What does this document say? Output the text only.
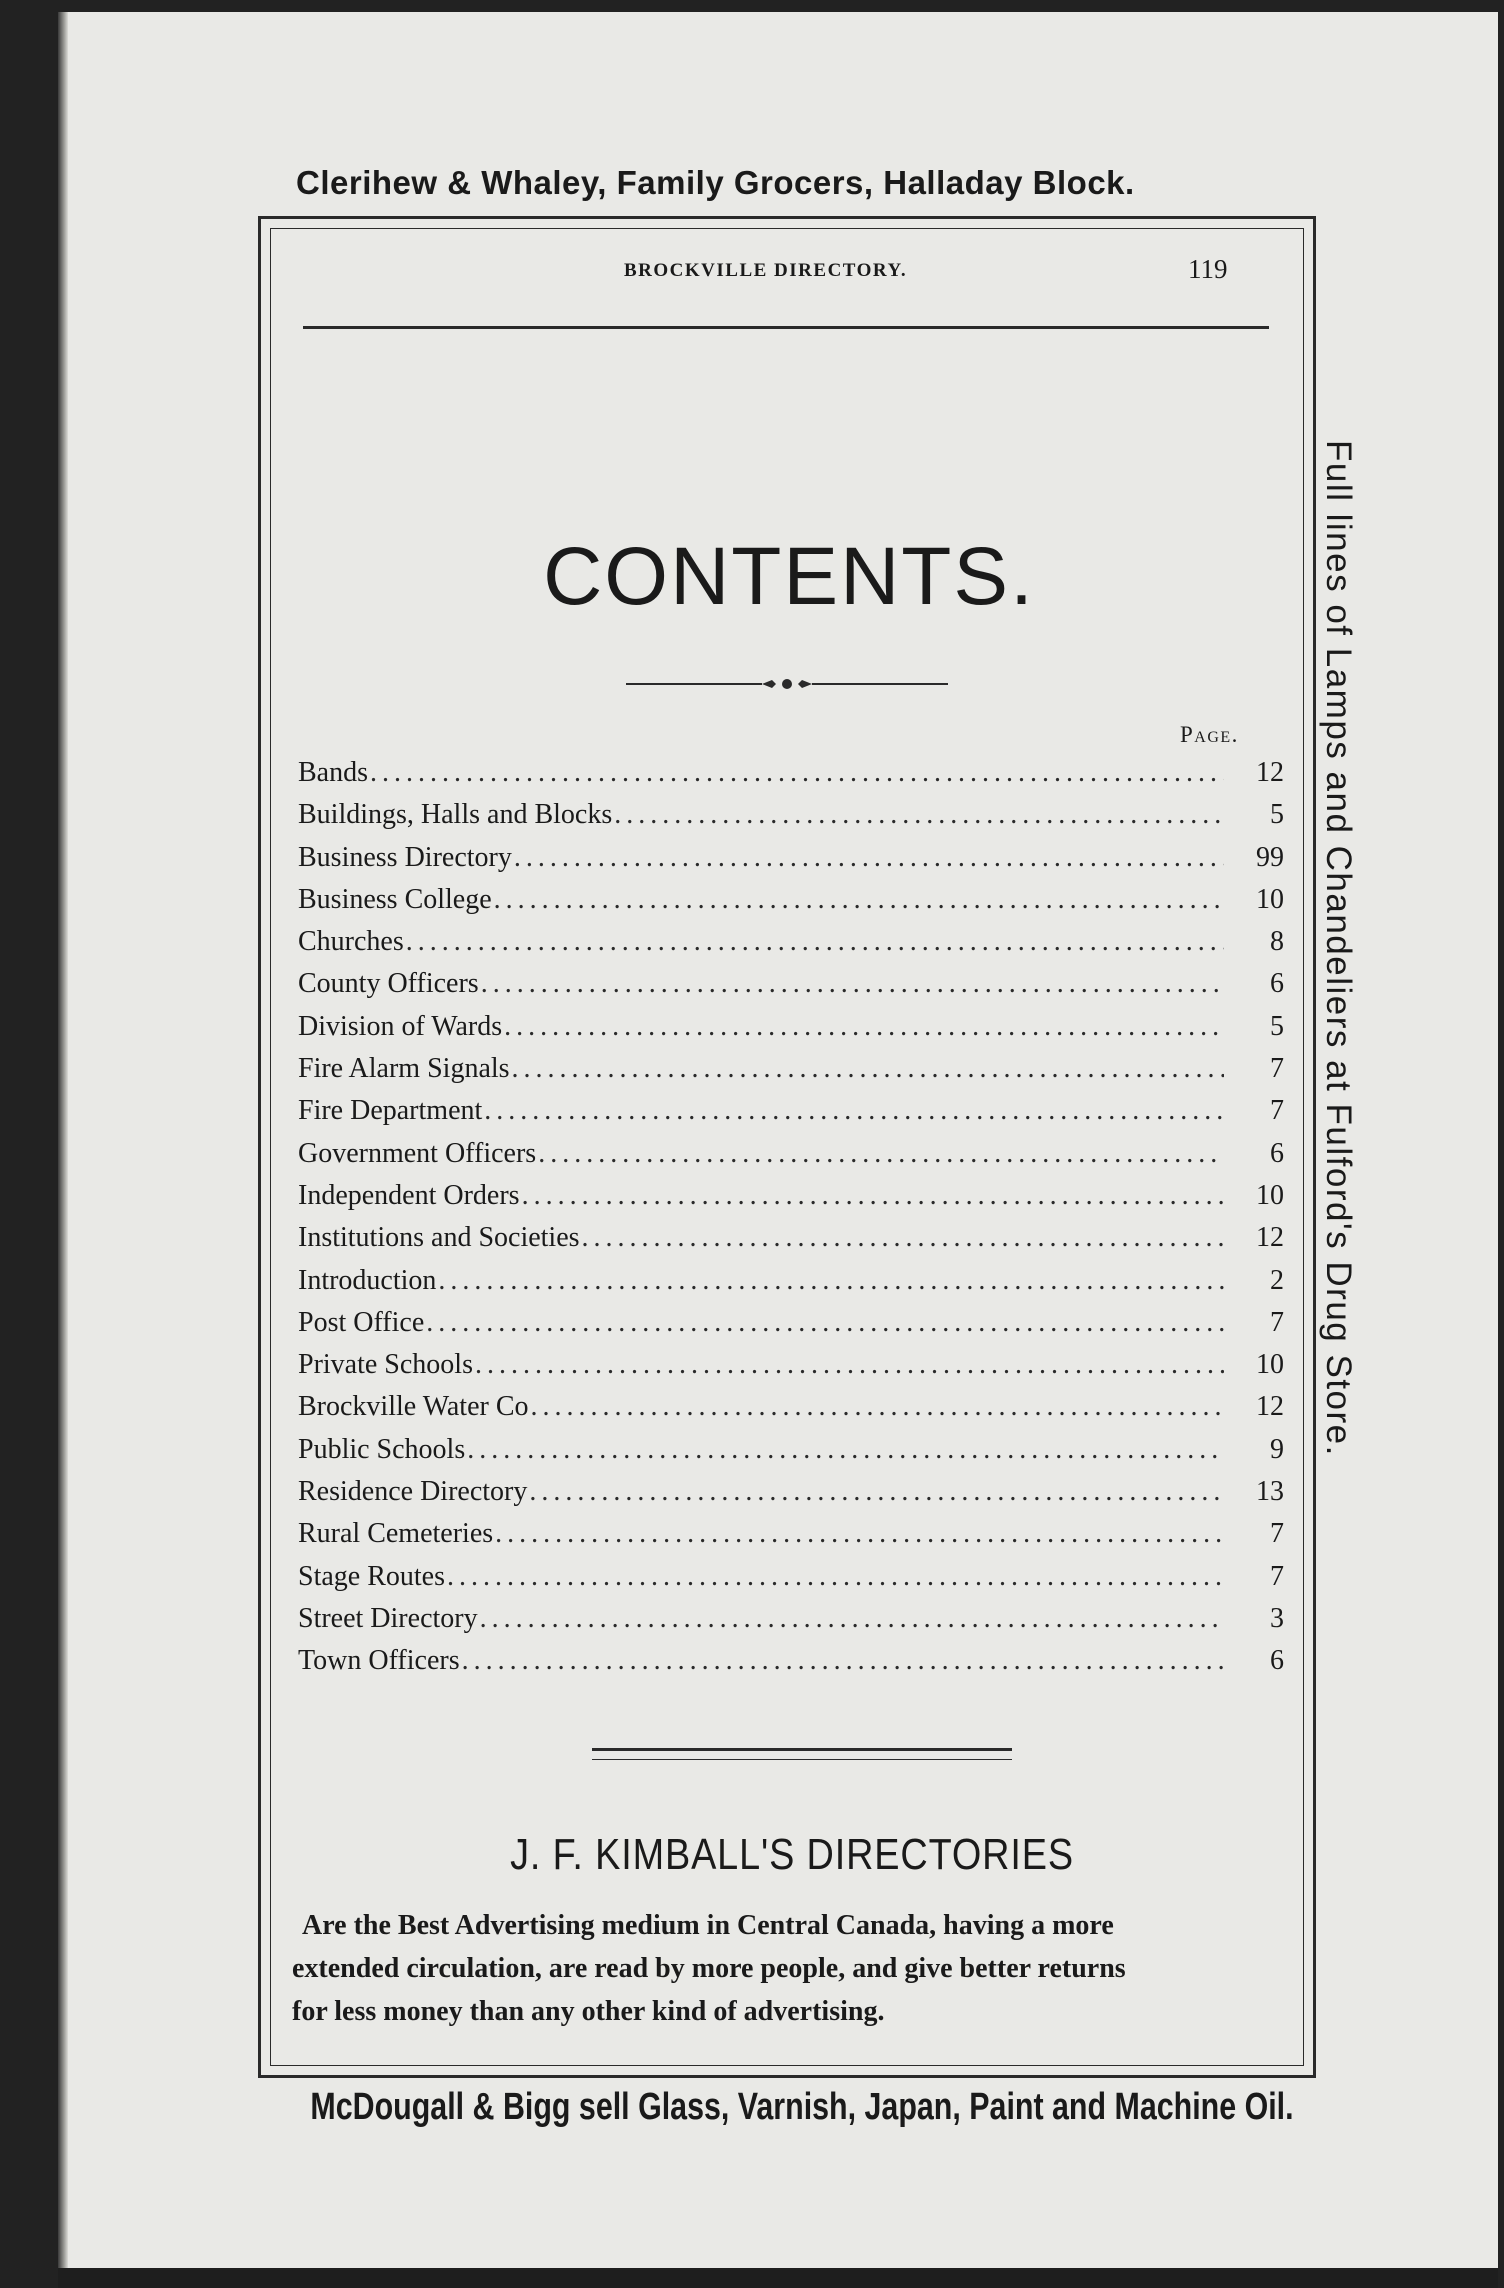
Clerihew & Whaley, Family Grocers, Halladay Block.
BROCKVILLE DIRECTORY.	119
CONTENTS.
Page.
Bands .....	12
Buildings, Halls and Blocks .....	5
Business Directory .....	99
Business College .....	10
Churches .....	8
County Officers .....	6
Division of Wards .....	5
Fire Alarm Signals .....	7
Fire Department .....	7
Government Officers .....	6
Independent Orders .....	10
Institutions and Societies .....	12
Introduction .....	2
Post Office .....	7
Private Schools .....	10
Brockville Water Co .....	12
Public Schools .....	9
Residence Directory .....	13
Rural Cemeteries .....	7
Stage Routes .....	7
Street Directory .....	3
Town Officers .....	6
J. F. KIMBALL'S DIRECTORIES
Are the Best Advertising medium in Central Canada, having a more
extended circulation, are read by more people, and give better returns
for less money than any other kind of advertising.
McDougall & Bigg sell Glass, Varnish, Japan, Paint and Machine Oil.
Full lines of Lamps and Chandeliers at Fulford's Drug Store.
